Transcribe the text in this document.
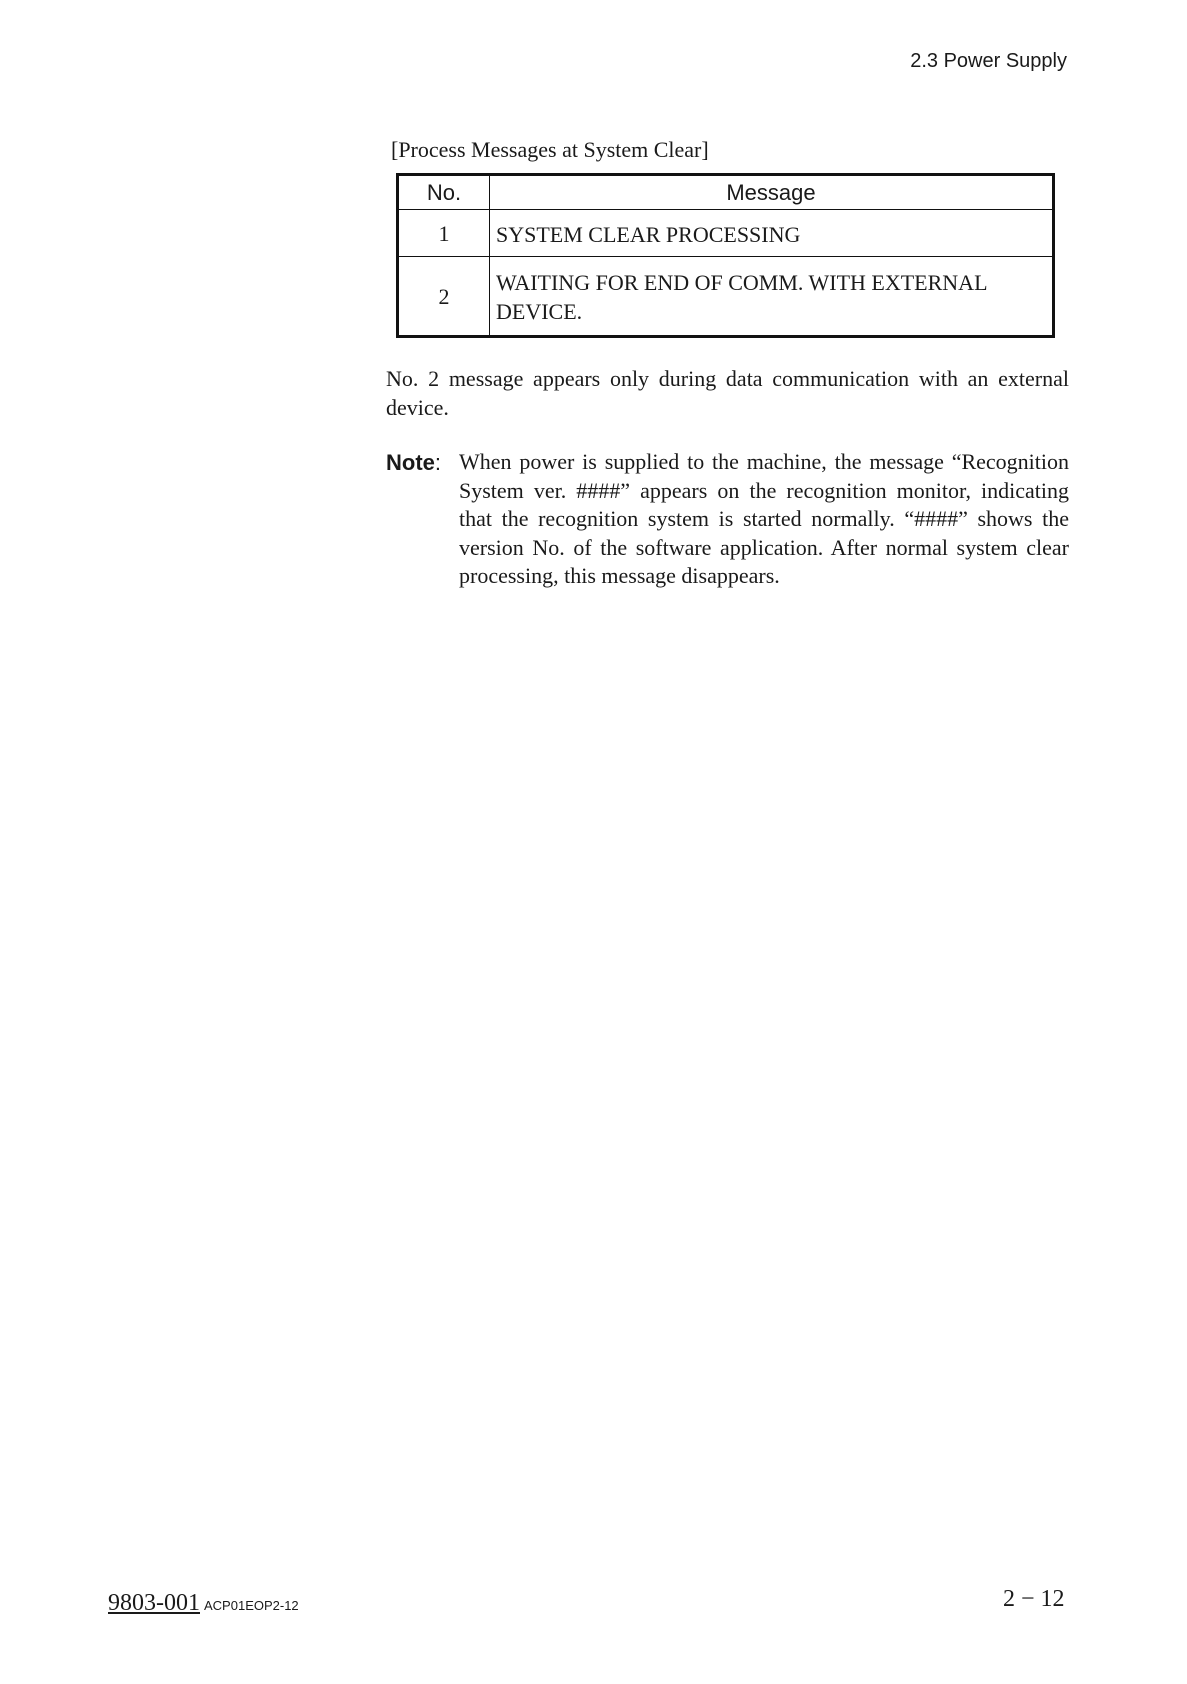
2.3 Power Supply
[Process Messages at System Clear]
No.	Message
1	SYSTEM CLEAR PROCESSING
2	WAITING FOR END OF COMM. WITH EXTERNAL DEVICE.

No. 2 message appears only during data communication with an external device.

Note: When power is supplied to the machine, the message “Recognition System ver. ####” appears on the recognition monitor, indicating that the recognition system is started normally. “####” shows the version No. of the software application. After normal system clear processing, this message disappears.

9803-001 ACP01EOP2-12	2 − 12
